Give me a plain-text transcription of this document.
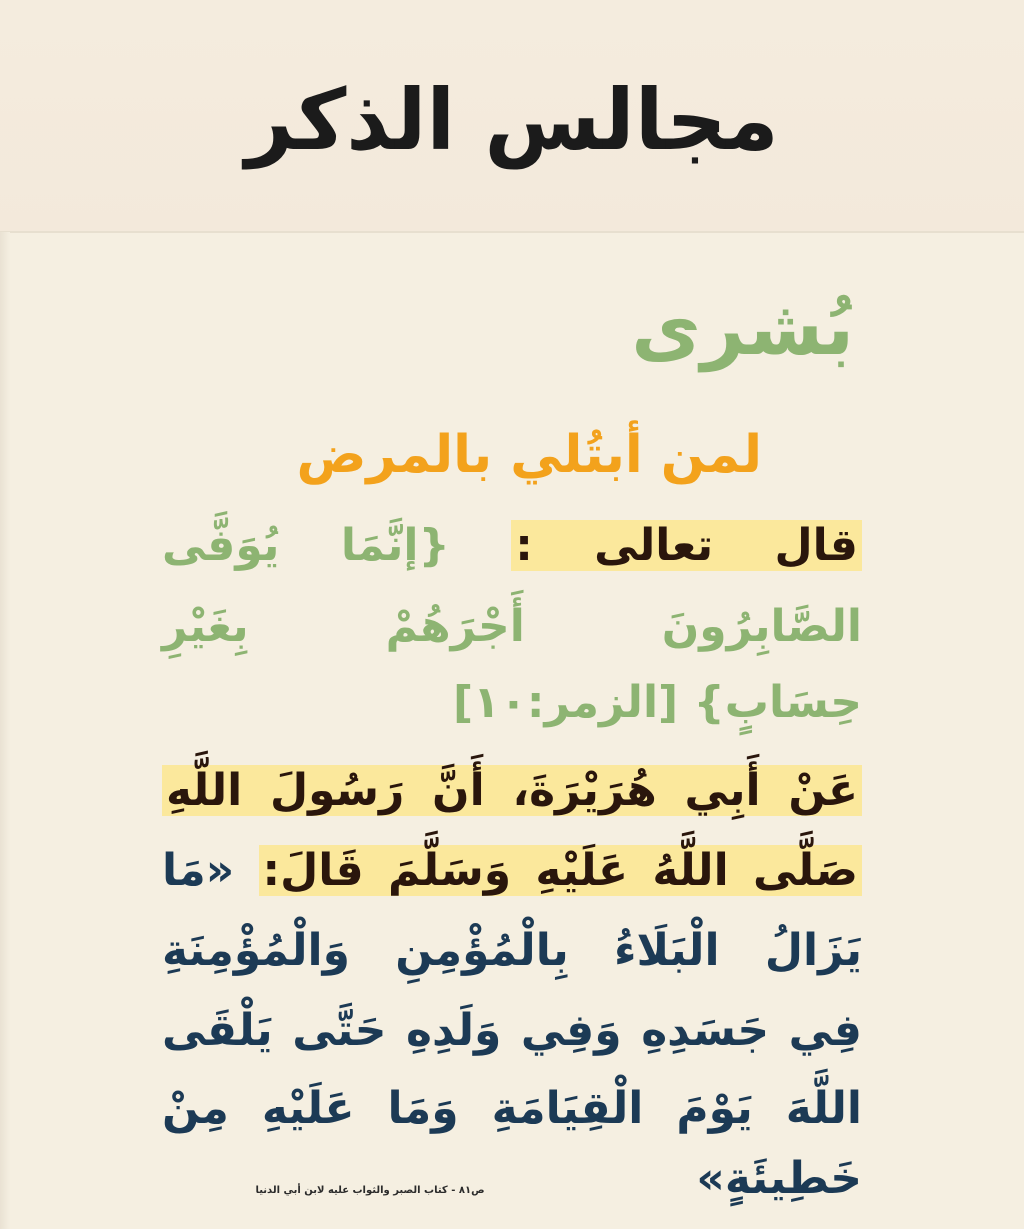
مجالس الذكر
بُشرى
لمن أبتُلي بالمرض
قال تعالى : {إنَّمَا يُوَفَّى
الصَّابِرُونَ أَجْرَهُمْ بِغَيْرِ
حِسَابٍ} [الزمر:١٠]
عَنْ أَبِي هُرَيْرَةَ، أَنَّ رَسُولَ اللَّهِ
صَلَّى اللَّهُ عَلَيْهِ وَسَلَّمَ قَالَ: «مَا
يَزَالُ الْبَلَاءُ بِالْمُؤْمِنِ وَالْمُؤْمِنَةِ
فِي جَسَدِهِ وَفِي وَلَدِهِ حَتَّى يَلْقَى
اللَّهَ يَوْمَ الْقِيَامَةِ وَمَا عَلَيْهِ مِنْ
خَطِيئَةٍ»
ص٨١ - كتاب الصبر والثواب عليه لابن أبي الدنيا
